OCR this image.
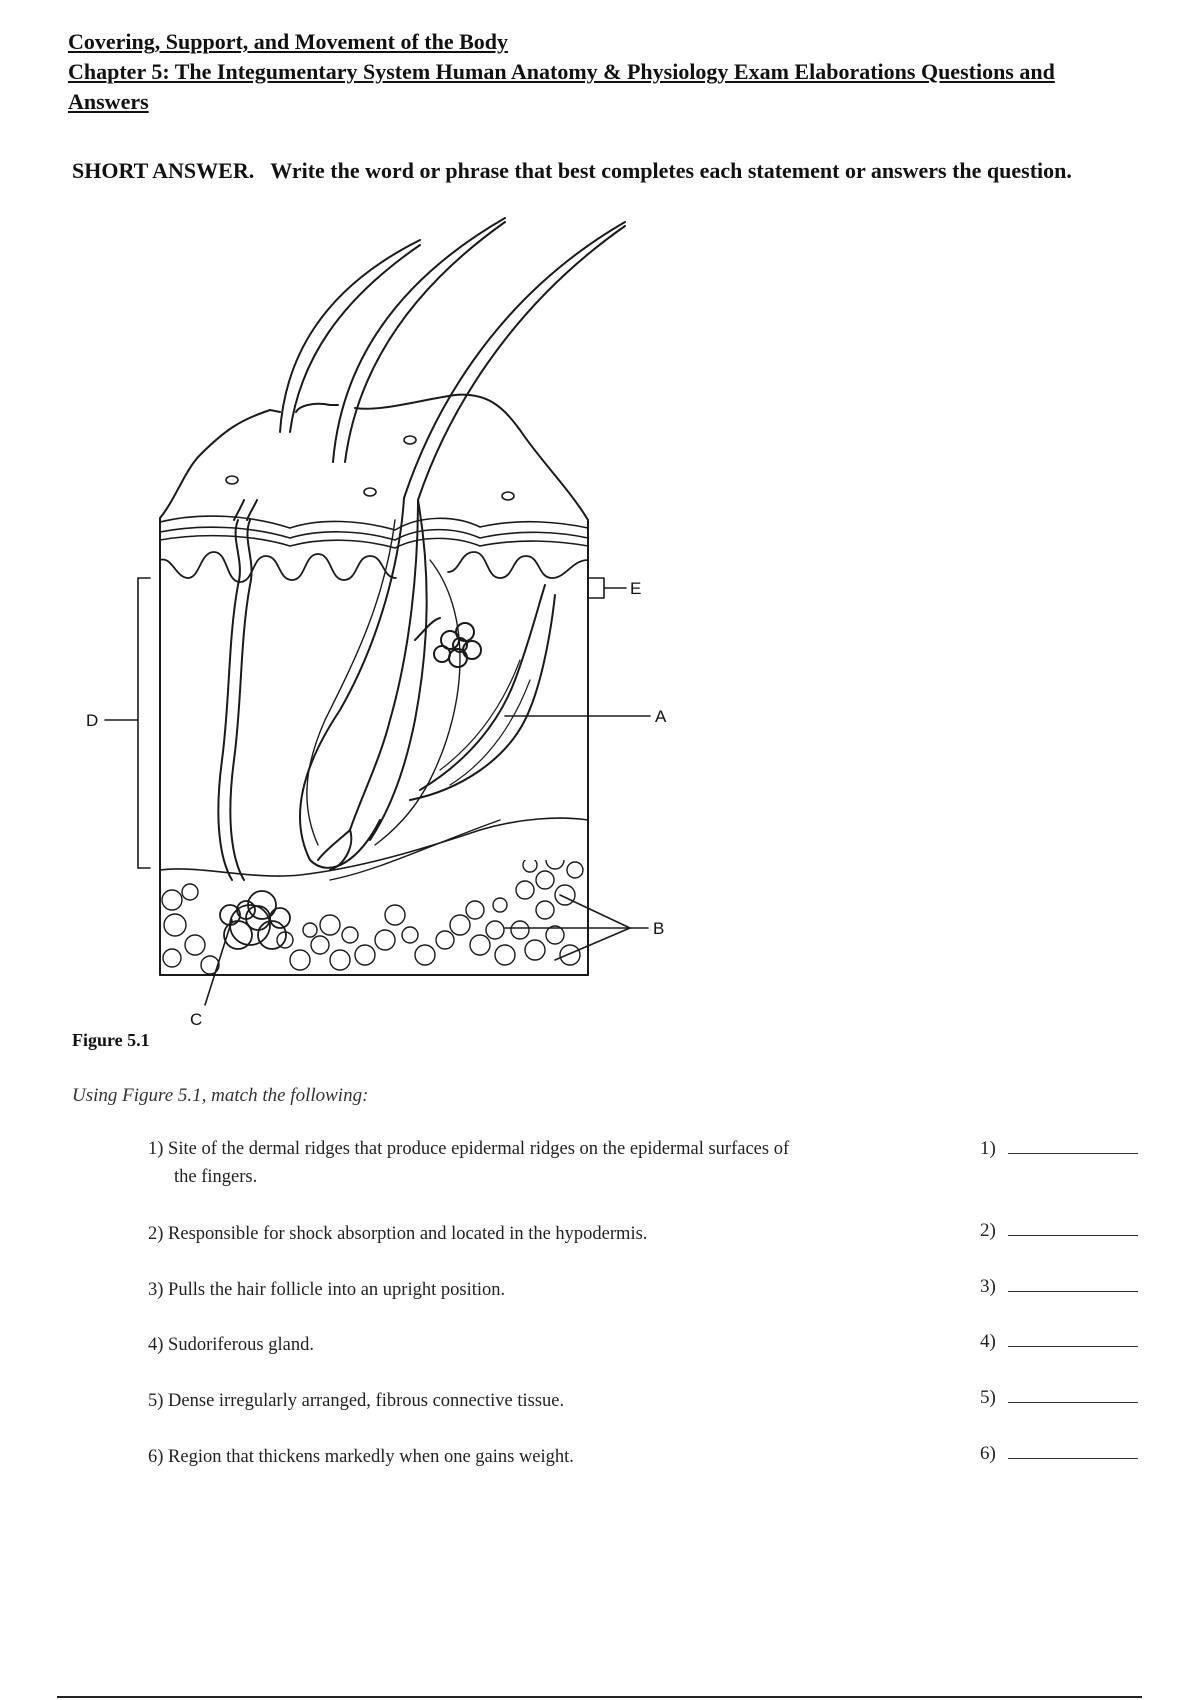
Covering, Support, and Movement of the Body
Chapter 5: The Integumentary System Human Anatomy & Physiology Exam Elaborations Questions and Answers
SHORT ANSWER. Write the word or phrase that best completes each statement or answers the question.
A
B
C
D
E
Figure 5.1
Using Figure 5.1, match the following:
1) Site of the dermal ridges that produce epidermal ridges on the epidermal surfaces of
the fingers.
1)
2) Responsible for shock absorption and located in the hypodermis.	2)
3) Pulls the hair follicle into an upright position.	3)
4) Sudoriferous gland.	4)
5) Dense irregularly arranged, fibrous connective tissue.	5)
6) Region that thickens markedly when one gains weight.	6)
